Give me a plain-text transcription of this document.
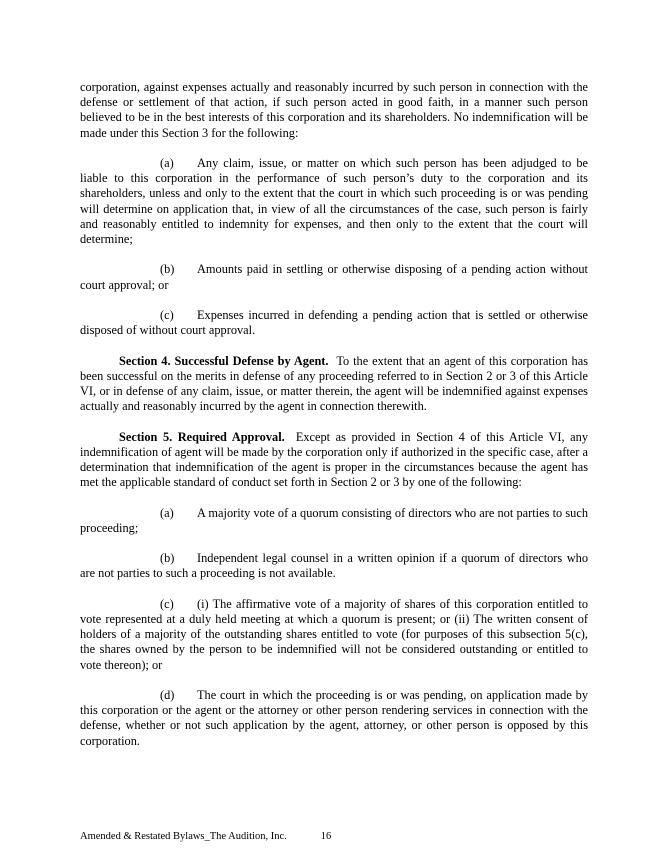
corporation, against expenses actually and reasonably incurred by such person in connection with the defense or settlement of that action, if such person acted in good faith, in a manner such person believed to be in the best interests of this corporation and its shareholders. No indemnification will be made under this Section 3 for the following:

(a) Any claim, issue, or matter on which such person has been adjudged to be liable to this corporation in the performance of such person’s duty to the corporation and its shareholders, unless and only to the extent that the court in which such proceeding is or was pending will determine on application that, in view of all the circumstances of the case, such person is fairly and reasonably entitled to indemnity for expenses, and then only to the extent that the court will determine;

(b) Amounts paid in settling or otherwise disposing of a pending action without court approval; or

(c) Expenses incurred in defending a pending action that is settled or otherwise disposed of without court approval.

Section 4. Successful Defense by Agent. To the extent that an agent of this corporation has been successful on the merits in defense of any proceeding referred to in Section 2 or 3 of this Article VI, or in defense of any claim, issue, or matter therein, the agent will be indemnified against expenses actually and reasonably incurred by the agent in connection therewith.

Section 5. Required Approval. Except as provided in Section 4 of this Article VI, any indemnification of agent will be made by the corporation only if authorized in the specific case, after a determination that indemnification of the agent is proper in the circumstances because the agent has met the applicable standard of conduct set forth in Section 2 or 3 by one of the following:

(a) A majority vote of a quorum consisting of directors who are not parties to such proceeding;

(b) Independent legal counsel in a written opinion if a quorum of directors who are not parties to such a proceeding is not available.

(c) (i) The affirmative vote of a majority of shares of this corporation entitled to vote represented at a duly held meeting at which a quorum is present; or (ii) The written consent of holders of a majority of the outstanding shares entitled to vote (for purposes of this subsection 5(c), the shares owned by the person to be indemnified will not be considered outstanding or entitled to vote thereon); or

(d) The court in which the proceeding is or was pending, on application made by this corporation or the agent or the attorney or other person rendering services in connection with the defense, whether or not such application by the agent, attorney, or other person is opposed by this corporation.

Amended & Restated Bylaws_The Audition, Inc.	16
